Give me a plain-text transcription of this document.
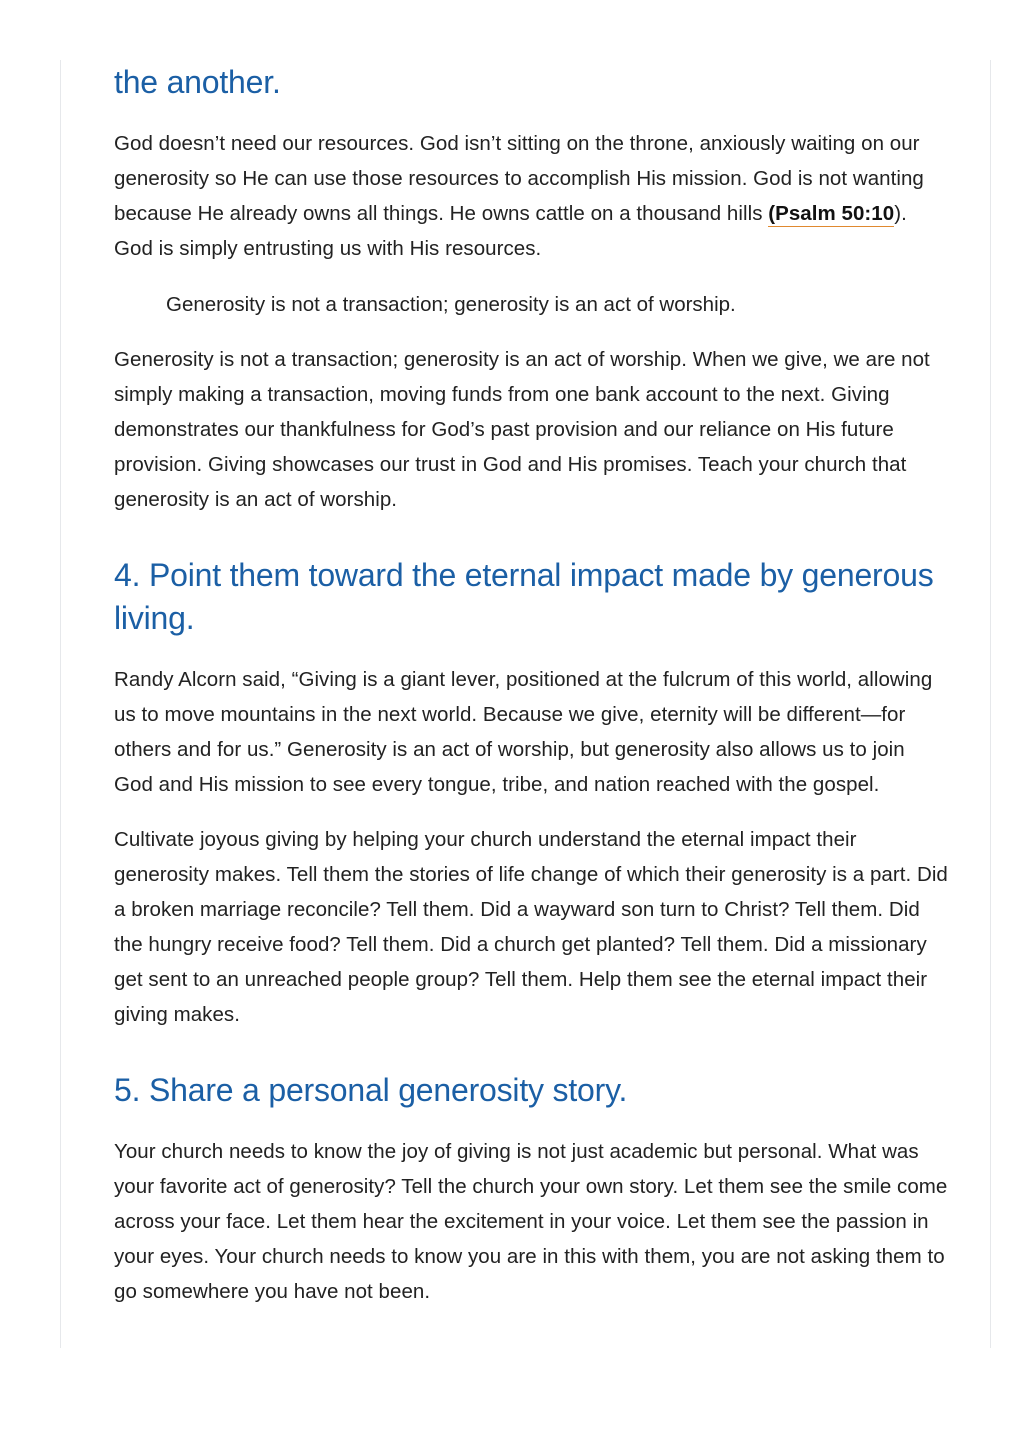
the another.

God doesn’t need our resources. God isn’t sitting on the throne, anxiously waiting on our generosity so He can use those resources to accomplish His mission. God is not wanting because He already owns all things. He owns cattle on a thousand hills (Psalm 50:10). God is simply entrusting us with His resources.

Generosity is not a transaction; generosity is an act of worship.

Generosity is not a transaction; generosity is an act of worship. When we give, we are not simply making a transaction, moving funds from one bank account to the next. Giving demonstrates our thankfulness for God’s past provision and our reliance on His future provision. Giving showcases our trust in God and His promises. Teach your church that generosity is an act of worship.

4. Point them toward the eternal impact made by generous living.

Randy Alcorn said, “Giving is a giant lever, positioned at the fulcrum of this world, allowing us to move mountains in the next world. Because we give, eternity will be different—for others and for us.” Generosity is an act of worship, but generosity also allows us to join God and His mission to see every tongue, tribe, and nation reached with the gospel.

Cultivate joyous giving by helping your church understand the eternal impact their generosity makes. Tell them the stories of life change of which their generosity is a part. Did a broken marriage reconcile? Tell them. Did a wayward son turn to Christ? Tell them. Did the hungry receive food? Tell them. Did a church get planted? Tell them. Did a missionary get sent to an unreached people group? Tell them. Help them see the eternal impact their giving makes.

5. Share a personal generosity story.

Your church needs to know the joy of giving is not just academic but personal. What was your favorite act of generosity? Tell the church your own story. Let them see the smile come across your face. Let them hear the excitement in your voice. Let them see the passion in your eyes. Your church needs to know you are in this with them, you are not asking them to go somewhere you have not been.
